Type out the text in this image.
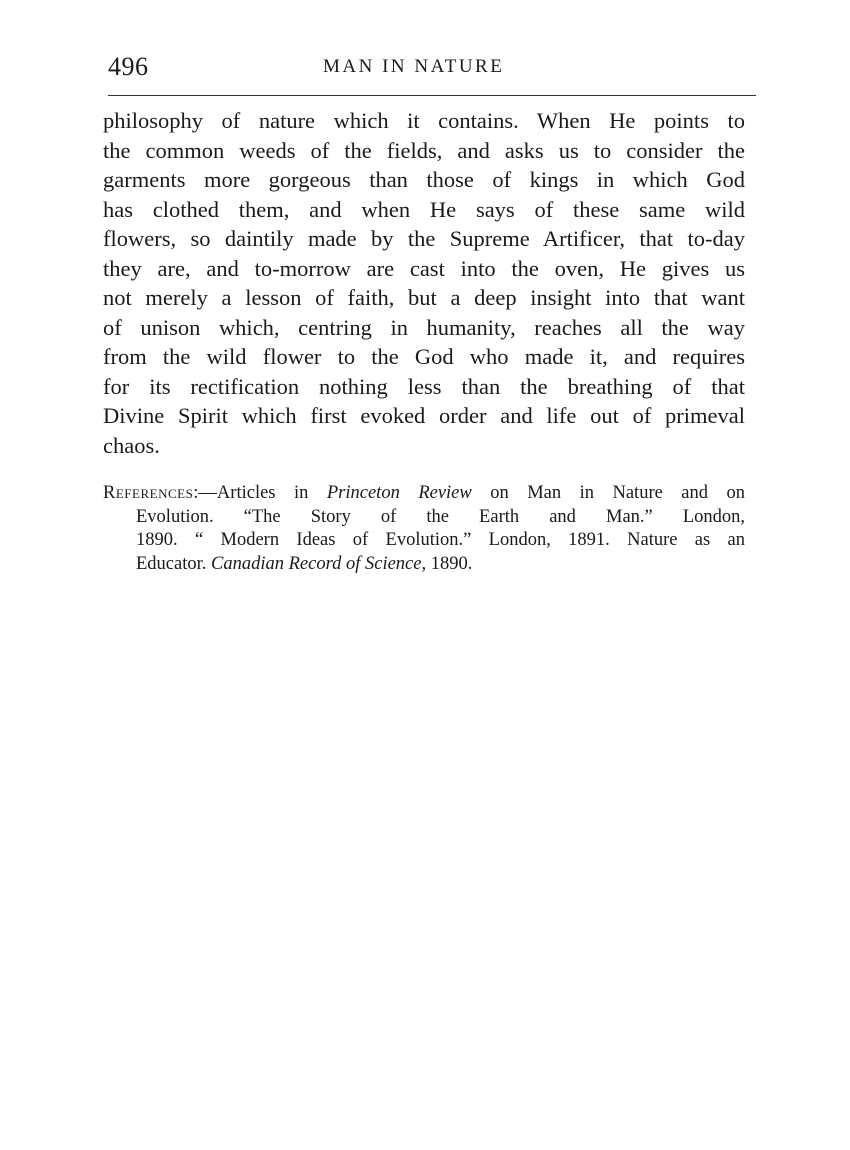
496	MAN IN NATURE
philosophy of nature which it contains. When He points to
the common weeds of the fields, and asks us to consider the
garments more gorgeous than those of kings in which God
has clothed them, and when He says of these same wild
flowers, so daintily made by the Supreme Artificer, that to-day
they are, and to-morrow are cast into the oven, He gives us
not merely a lesson of faith, but a deep insight into that want
of unison which, centring in humanity, reaches all the way
from the wild flower to the God who made it, and requires
for its rectification nothing less than the breathing of that
Divine Spirit which first evoked order and life out of primeval
chaos.
References:—Articles in Princeton Review on Man in Nature and on
Evolution. “The Story of the Earth and Man.” London,
1890. “ Modern Ideas of Evolution.” London, 1891. Nature as an
Educator. Canadian Record of Science, 1890.
